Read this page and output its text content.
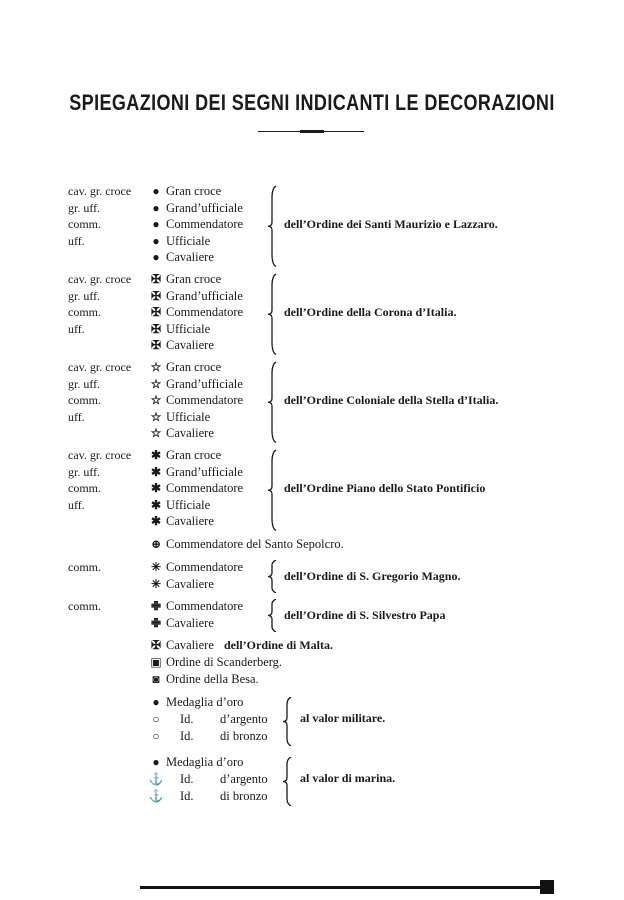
SPIEGAZIONI DEI SEGNI INDICANTI LE DECORAZIONI
cav. gr. croce	● Gran croce
gr. uff.	● Grand’ufficiale
comm.	● Commendatore
uff.	● Ufficiale
● Cavaliere
dell’Ordine dei Santi Maurizio e Lazzaro.
cav. gr. croce ✠ Gran croce
gr. uff.	✠ Grand’ufficiale
comm.	✠ Commendatore
uff.	✠ Ufficiale
✠ Cavaliere
dell’Ordine della Corona d’Italia.
cav. gr. croce ☆ Gran croce
gr. uff.	☆ Grand’ufficiale
comm.	☆ Commendatore
uff.	☆ Ufficiale
☆ Cavaliere
dell’Ordine Coloniale della Stella d’Italia.
cav. gr. croce ✱ Gran croce
gr. uff.	✱ Grand’ufficiale
comm.	✱ Commendatore
uff.	✱ Ufficiale
✱ Cavaliere
dell’Ordine Piano dello Stato Pontificio
⊕ Commendatore del Santo Sepolcro.
comm.	✳ Commendatore
✳ Cavaliere
dell’Ordine di S. Gregorio Magno.
comm.	✙ Commendatore
✙ Cavaliere
dell’Ordine di S. Silvestro Papa
✠ Cavaliere dell’Ordine di Malta.
▣ Ordine di Scanderberg.
◙ Ordine della Besa.
● Medaglia d’oro
○	Id. d’argento
○	Id. di bronzo
al valor militare.
● Medaglia d’oro
⚓ Id. d’argento
⚓ Id. di bronzo
al valor di marina.
